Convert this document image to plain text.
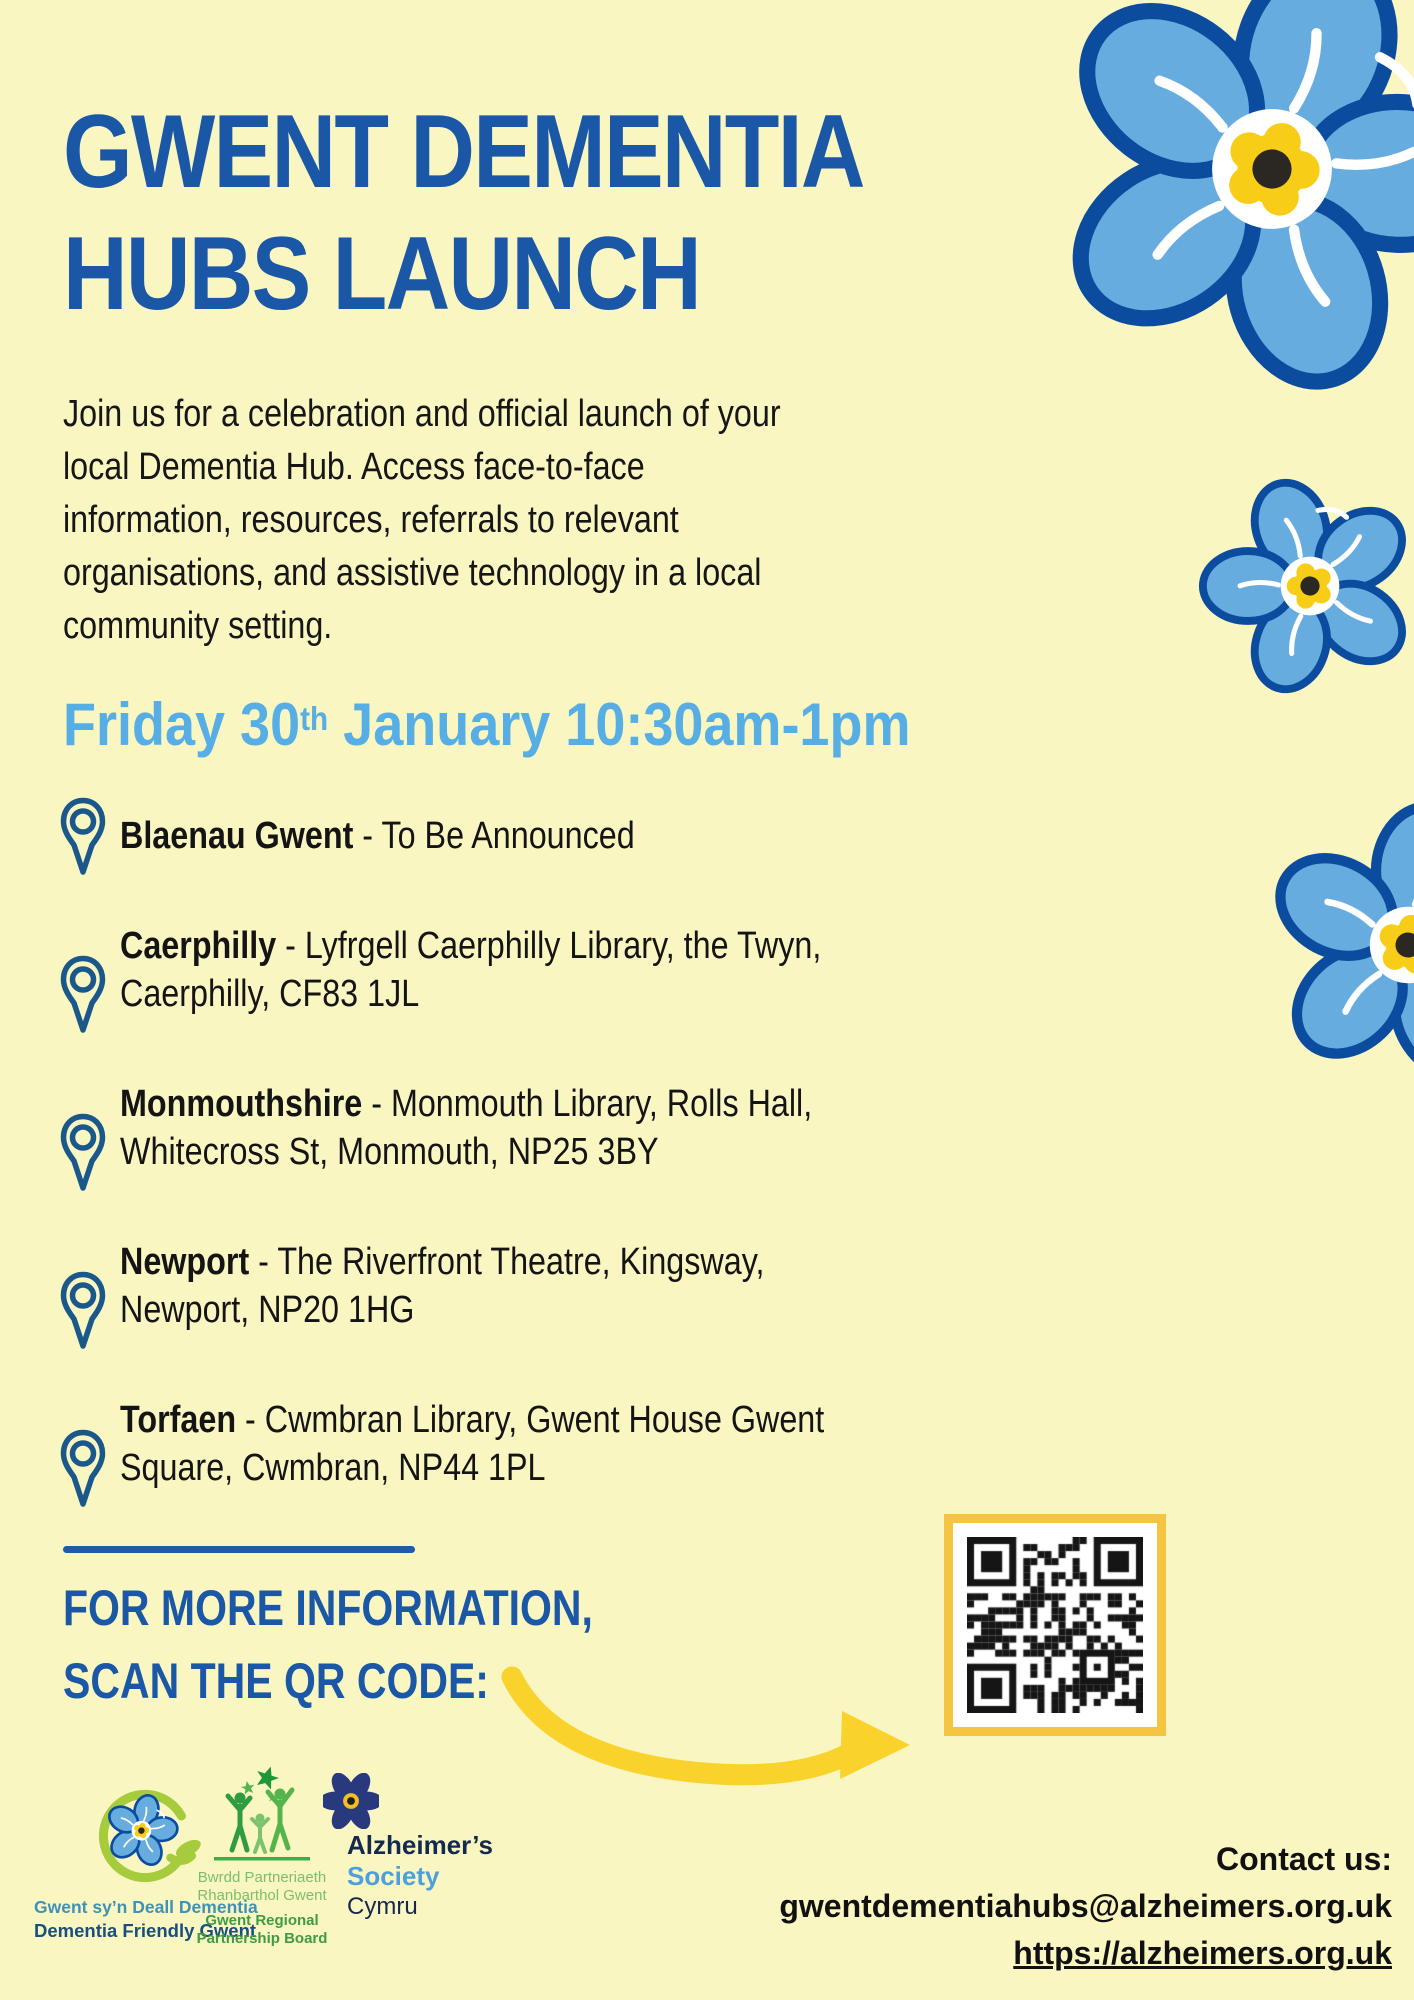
GWENT DEMENTIA
HUBS LAUNCH
Join us for a celebration and official launch of your
local Dementia Hub. Access face-to-face
information, resources, referrals to relevant
organisations, and assistive technology in a local
community setting.
Friday 30th January 10:30am-1pm
Blaenau Gwent - To Be Announced
Caerphilly - Lyfrgell Caerphilly Library, the Twyn,
Caerphilly, CF83 1JL
Monmouthshire - Monmouth Library, Rolls Hall,
Whitecross St, Monmouth, NP25 3BY
Newport - The Riverfront Theatre, Kingsway,
Newport, NP20 1HG
Torfaen - Cwmbran Library, Gwent House Gwent
Square, Cwmbran, NP44 1PL
FOR MORE INFORMATION,
SCAN THE QR CODE:
Gwent sy’n Deall Dementia
Dementia Friendly Gwent
Bwrdd Partneriaeth
Rhanbarthol Gwent
Gwent Regional
Partnership Board
Alzheimer’s
Society
Cymru
Contact us:
gwentdementiahubs@alzheimers.org.uk
https://alzheimers.org.uk
